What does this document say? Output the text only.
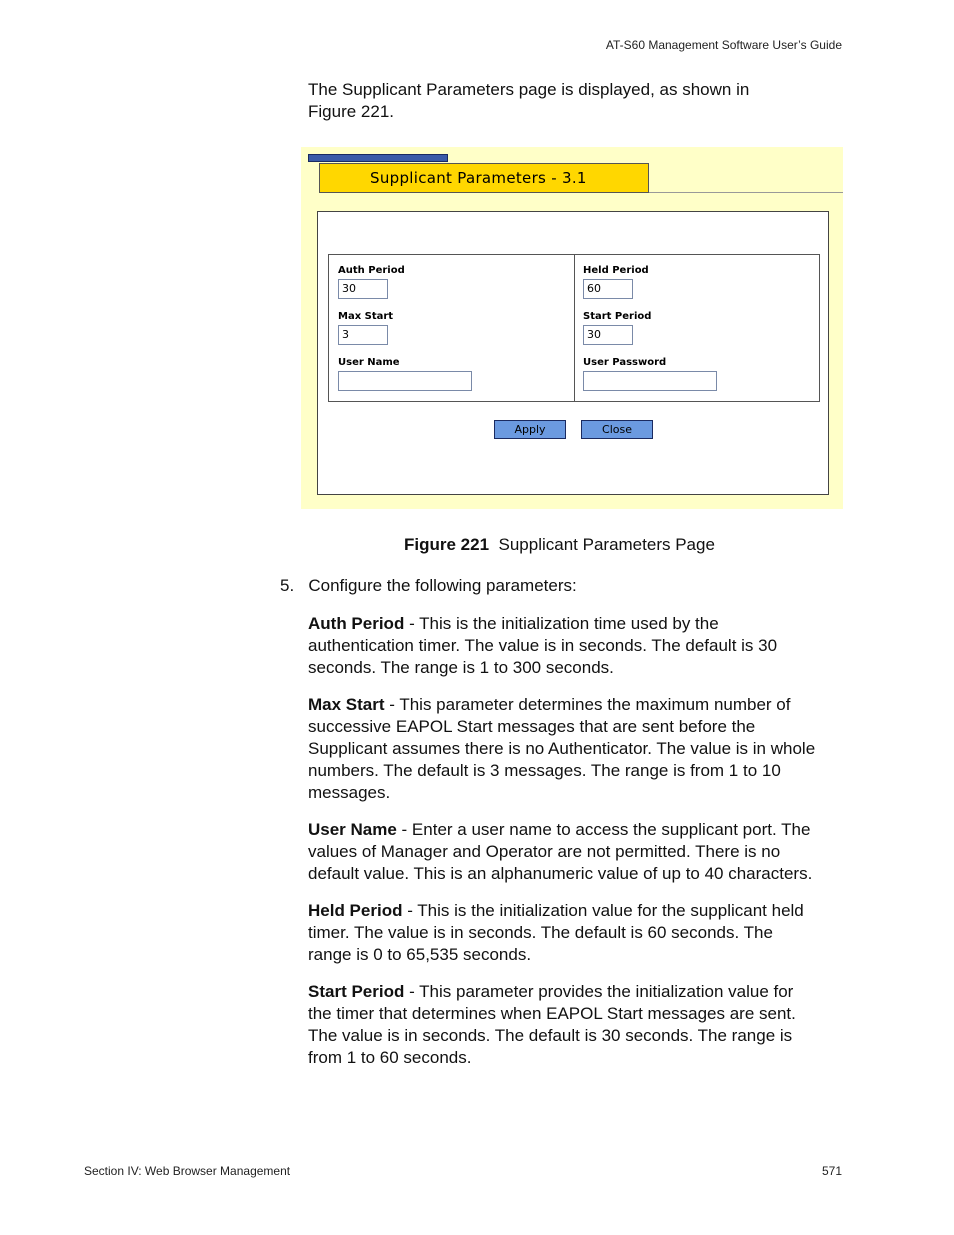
AT-S60 Management Software User’s Guide
The Supplicant Parameters page is displayed, as shown in Figure 221.
Supplicant Parameters - 3.1
Auth Period
30
Max Start
3
User Name
Held Period
60
Start Period
30
User Password
Apply	Close
Figure 221 Supplicant Parameters Page
5. Configure the following parameters:
Auth Period - This is the initialization time used by the authentication timer. The value is in seconds. The default is 30 seconds. The range is 1 to 300 seconds.
Max Start - This parameter determines the maximum number of successive EAPOL Start messages that are sent before the Supplicant assumes there is no Authenticator. The value is in whole numbers. The default is 3 messages. The range is from 1 to 10 messages.
User Name - Enter a user name to access the supplicant port. The values of Manager and Operator are not permitted. There is no default value. This is an alphanumeric value of up to 40 characters.
Held Period - This is the initialization value for the supplicant held timer. The value is in seconds. The default is 60 seconds. The range is 0 to 65,535 seconds.
Start Period - This parameter provides the initialization value for the timer that determines when EAPOL Start messages are sent. The value is in seconds. The default is 30 seconds. The range is from 1 to 60 seconds.
Section IV: Web Browser Management	571
